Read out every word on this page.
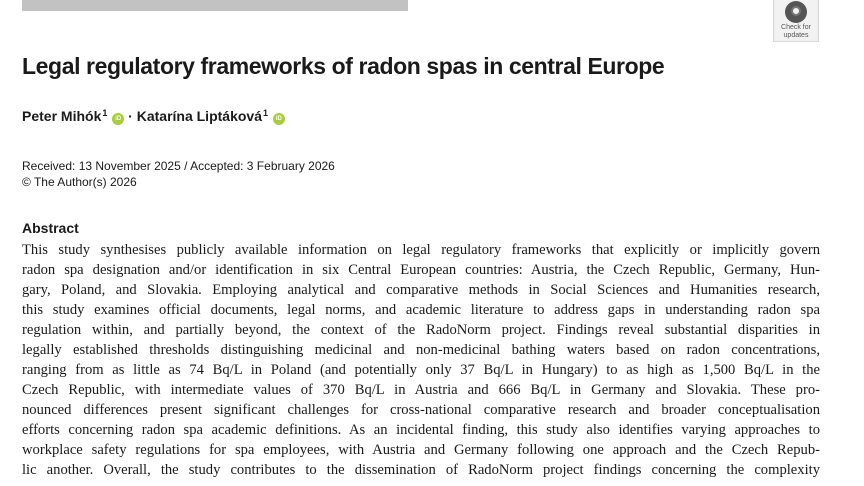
Check for updates
Legal regulatory frameworks of radon spas in central Europe
Peter Mihók$^1$ iD · Katarína Liptáková$^1$ iD
Received: 13 November 2025 / Accepted: 3 February 2026
© The Author(s) 2026
Abstract
This study synthesises publicly available information on legal regulatory frameworks that explicitly or implicitly govern
radon spa designation and/or identification in six Central European countries: Austria, the Czech Republic, Germany, Hun-
gary, Poland, and Slovakia. Employing analytical and comparative methods in Social Sciences and Humanities research,
this study examines official documents, legal norms, and academic literature to address gaps in understanding radon spa
regulation within, and partially beyond, the context of the RadoNorm project. Findings reveal substantial disparities in
legally established thresholds distinguishing medicinal and non-medicinal bathing waters based on radon concentrations,
ranging from as little as 74 Bq/L in Poland (and potentially only 37 Bq/L in Hungary) to as high as 1,500 Bq/L in the
Czech Republic, with intermediate values of 370 Bq/L in Austria and 666 Bq/L in Germany and Slovakia. These pro-
nounced differences present significant challenges for cross-national comparative research and broader conceptualisation
efforts concerning radon spa academic definitions. As an incidental finding, this study also identifies varying approaches to
workplace safety regulations for spa employees, with Austria and Germany following one approach and the Czech Repub-
lic another. Overall, the study contributes to the dissemination of RadoNorm project findings concerning the complexity
